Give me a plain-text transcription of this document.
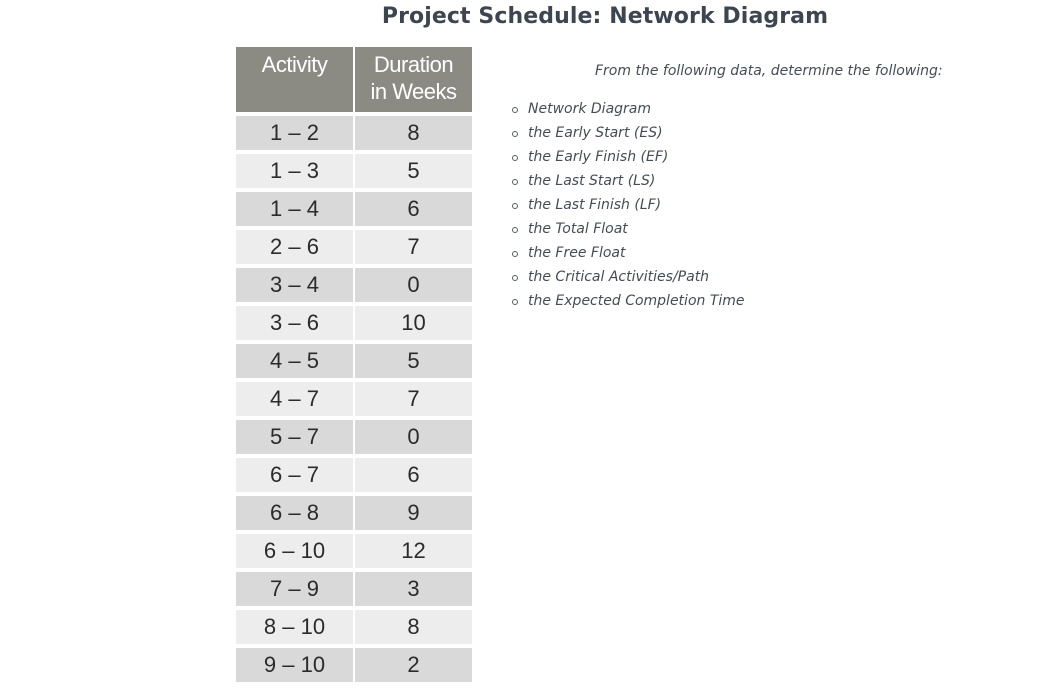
Project Schedule: Network Diagram
Activity	Duration
in Weeks
1 – 2	8
1 – 3	5
1 – 4	6
2 – 6	7
3 – 4	0
3 – 6	10
4 – 5	5
4 – 7	7
5 – 7	0
6 – 7	6
6 – 8	9
6 – 10	12
7 – 9	3
8 – 10	8
9 – 10	2

From the following data, determine the following:

Network Diagram
the Early Start (ES)
the Early Finish (EF)
the Last Start (LS)
the Last Finish (LF)
the Total Float
the Free Float
the Critical Activities/Path
the Expected Completion Time
